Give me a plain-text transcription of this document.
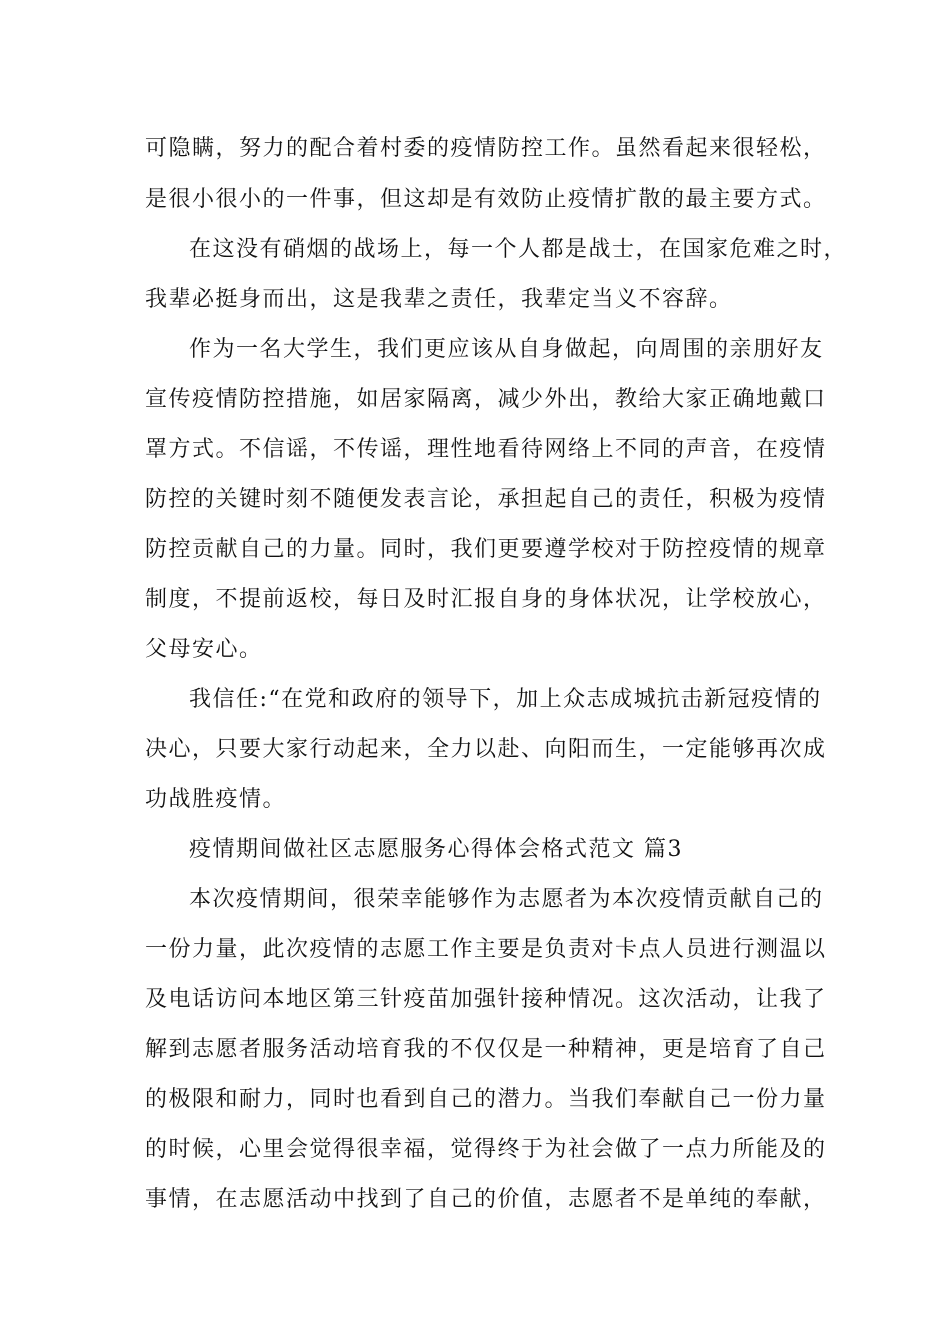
可隐瞒，努力的配合着村委的疫情防控工作。虽然看起来很轻松，
是很小很小的一件事，但这却是有效防止疫情扩散的最主要方式。
在这没有硝烟的战场上，每一个人都是战士，在国家危难之时，
我辈必挺身而出，这是我辈之责任，我辈定当义不容辞。
作为一名大学生，我们更应该从自身做起，向周围的亲朋好友
宣传疫情防控措施，如居家隔离，减少外出，教给大家正确地戴口
罩方式。不信谣，不传谣，理性地看待网络上不同的声音，在疫情
防控的关键时刻不随便发表言论，承担起自己的责任，积极为疫情
防控贡献自己的力量。同时，我们更要遵学校对于防控疫情的规章
制度，不提前返校，每日及时汇报自身的身体状况，让学校放心，
父母安心。
我信任:“在党和政府的领导下，加上众志成城抗击新冠疫情的
决心，只要大家行动起来，全力以赴、向阳而生，一定能够再次成
功战胜疫情。
疫情期间做社区志愿服务心得体会格式范文 篇3
本次疫情期间，很荣幸能够作为志愿者为本次疫情贡献自己的
一份力量，此次疫情的志愿工作主要是负责对卡点人员进行测温以
及电话访问本地区第三针疫苗加强针接种情况。这次活动，让我了
解到志愿者服务活动培育我的不仅仅是一种精神，更是培育了自己
的极限和耐力，同时也看到自己的潜力。当我们奉献自己一份力量
的时候，心里会觉得很幸福，觉得终于为社会做了一点力所能及的
事情，在志愿活动中找到了自己的价值，志愿者不是单纯的奉献，
